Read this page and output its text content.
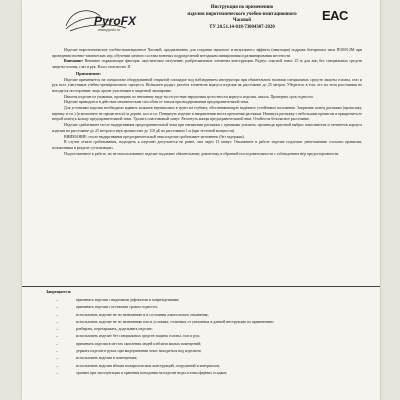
PyroFX
www.pyrofx.ru
EAC
Инструкция по применению
изделия пиротехнического учебно-имитационного
Часовой
ТУ 20.51.14-018-73004307-2020

Изделие пиротехническое учебно-имитационное Часовой, предназначено для создания звукового и визуального эффекта (имитация) подрыва боеприпаса типа ПОМЗ-2М при проведении военно-тактических игр, обучении личного состава военных подразделений методикам минирования и разминирования местности.

Внимание: Внешние поражающие факторы: акустическое излучение, разбрасываемые элементы конструкции. Радиус опасной зоны: 25 м для лиц без специальных средств защиты головы, глаз и рук. Класс опасности: II

Применение:

Изделие применяется на специально оборудованной открытой площадке под наблюдением инструктора при обязательном наличии специальных средств защиты головы, глаз и рук всех участников учебно-тренировочного процесса. Возможен радиус разлёта элементов корпуса изделия на расстояние до 25 метров. Убедитесь в том, что на этом расстоянии не находятся посторонние лица, кроме участников в защитной экипировке.

Извлечь изделие из упаковки, проверить по внешнему виду на отсутствие нарушения целостности корпуса изделия, запала. Проверить срок годности.

Изделие приводится в действие механическим способом от запала при выдергивании предохранительной чеки.

Для установки изделия необходимо вдавить кольшек вертикально в грунт на глубину, обеспечивающую надёжное устойчивое положение. Закрепить конец растяжки (проволоку, веревку и т.п.) (в комплекте не прилагается) за дерево, кол и т.п. Повернуть изделие в направлении места крепления растяжки. Натянуть растяжку с небольшим провисом и прикрепить ее второй конец к кольцу предохранительной чеки. Удалить пластиковый хомут. Разогнуть концы предохранительной чеки. Отойти на безопасное расстояние.

Изделие срабатывает после выдергивания предохранительной чеки при натяжении растяжки с граммами усилием, производя круговой выброс наполнителя и элементов корпуса изделия на расстояние до 25 метров и звук громкостью до 110 дБ на расстоянии 1 м (при тестовой мощности).

ВНИМАНИЕ: после выдергивания предохранительной чеки изделие срабатывает мгновенно (без задержки).

В случае отказа срабатывания, подходить к изделию допускается не ранее, чем через 15 минут. Отказавшее в работе изделие подлежит уничтожению согласно правилам, изложенным в разделе «утилизация».

Подготовленное к работе, но не использованное изделие подлежит обязательному демонтажу в обратной последовательности с соблюдением мер предосторожности.

Запрещается:
– применять изделия с видимыми дефектами и повреждениями;
– применять изделия с истекшим сроком годности;
– использовать изделие не по назначению и в состоянии алкогольного опьянения;
– использовать изделие не по назначению или в условиях, отличных от указанных в данной инструкции по применению;
– разбирать, перезаряжать, доделывать изделие;
– использовать изделие без специальных средств защиты головы, глаз и рук;
– применять изделия в местах скопления людей и вблизи жилых помещений;
– держать изделие в руках при выдергивании чеки, находиться над изделием;
– использовать изделия в помещениях;
– использовать изделия вблизи пожароопасных конструкций, сооружений и материалов;
– хранить при эксплуатации и хранения попадания на изделие воды и атмосферных осадков;
